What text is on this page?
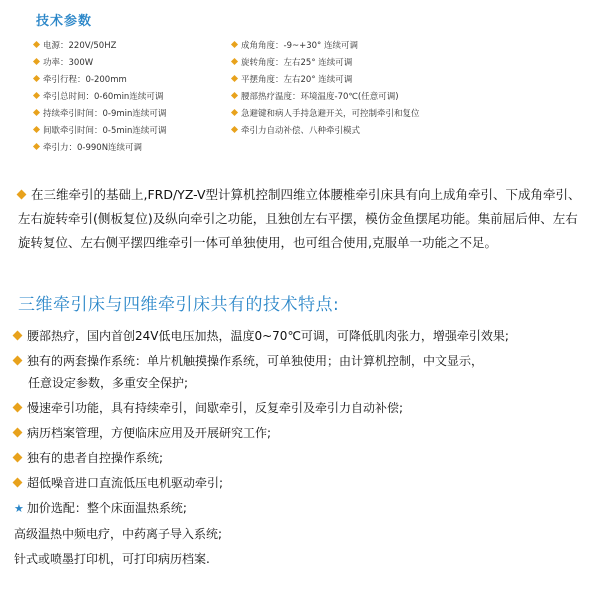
技术参数
电源：220V/50HZ
功率：300W
牵引行程：0-200mm
牵引总时间：0-60min连续可调
持续牵引时间：0-9min连续可调
间歇牵引时间：0-5min连续可调
牵引力：0-990N连续可调
成角角度：-9~+30° 连续可调
旋转角度：左右25° 连续可调
平摆角度：左右20° 连续可调
腰部热疗温度：环境温度-70℃(任意可调)
急避键和病人手持急避开关，可控制牵引和复位
牵引力自动补偿、八种牵引模式
在三维牵引的基础上,FRD/YZ-V型计算机控制四维立体腰椎牵引床具有向上成角牵引、下成角牵引、左右旋转牵引(侧板复位)及纵向牵引之功能，且独创左右平摆，模仿金鱼摆尾功能。集前屈后伸、左右旋转复位、左右侧平摆四维牵引一体可单独使用，也可组合使用,克服单一功能之不足。
三维牵引床与四维牵引床共有的技术特点:
腰部热疗，国内首创24V低电压加热，温度0~70℃可调，可降低肌肉张力，增强牵引效果;
独有的两套操作系统：单片机触摸操作系统，可单独使用；由计算机控制，中文显示，
任意设定参数，多重安全保护;
慢速牵引功能，具有持续牵引，间歇牵引，反复牵引及牵引力自动补偿;
病历档案管理，方便临床应用及开展研究工作;
独有的患者自控操作系统;
超低噪音进口直流低压电机驱动牵引;
★ 加价选配：整个床面温热系统;
高级温热中频电疗，中药离子导入系统;
针式或喷墨打印机，可打印病历档案.
